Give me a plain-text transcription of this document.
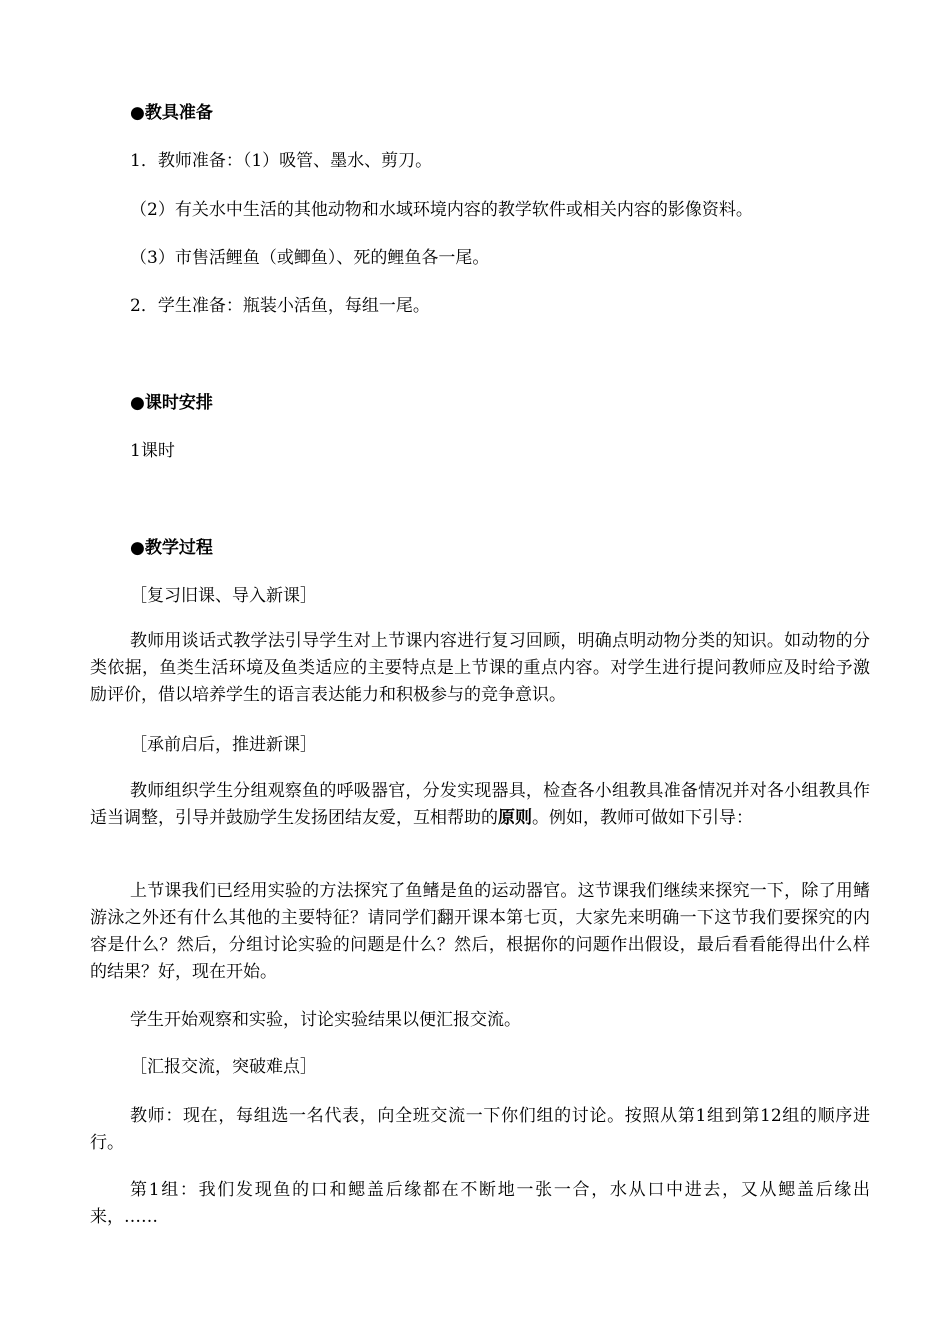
●教具准备
1．教师准备：（1）吸管、墨水、剪刀。
（2）有关水中生活的其他动物和水域环境内容的教学软件或相关内容的影像资料。
（3）市售活鲤鱼（或鲫鱼）、死的鲤鱼各一尾。
2．学生准备：瓶装小活鱼，每组一尾。
●课时安排
1课时
●教学过程
［复习旧课、导入新课］
教师用谈话式教学法引导学生对上节课内容进行复习回顾，明确点明动物分类的知识。如动物的分类依据，鱼类生活环境及鱼类适应的主要特点是上节课的重点内容。对学生进行提问教师应及时给予激励评价，借以培养学生的语言表达能力和积极参与的竞争意识。
［承前启后，推进新课］
教师组织学生分组观察鱼的呼吸器官，分发实现器具，检查各小组教具准备情况并对各小组教具作适当调整，引导并鼓励学生发扬团结友爱，互相帮助的原则。例如，教师可做如下引导：
上节课我们已经用实验的方法探究了鱼鳍是鱼的运动器官。这节课我们继续来探究一下，除了用鳍游泳之外还有什么其他的主要特征？请同学们翻开课本第七页，大家先来明确一下这节我们要探究的内容是什么？然后，分组讨论实验的问题是什么？然后，根据你的问题作出假设，最后看看能得出什么样的结果？好，现在开始。
学生开始观察和实验，讨论实验结果以便汇报交流。
［汇报交流，突破难点］
教师：现在，每组选一名代表，向全班交流一下你们组的讨论。按照从第1组到第12组的顺序进行。
第1组：我们发现鱼的口和鳃盖后缘都在不断地一张一合，水从口中进去，又从鳃盖后缘出来，……
